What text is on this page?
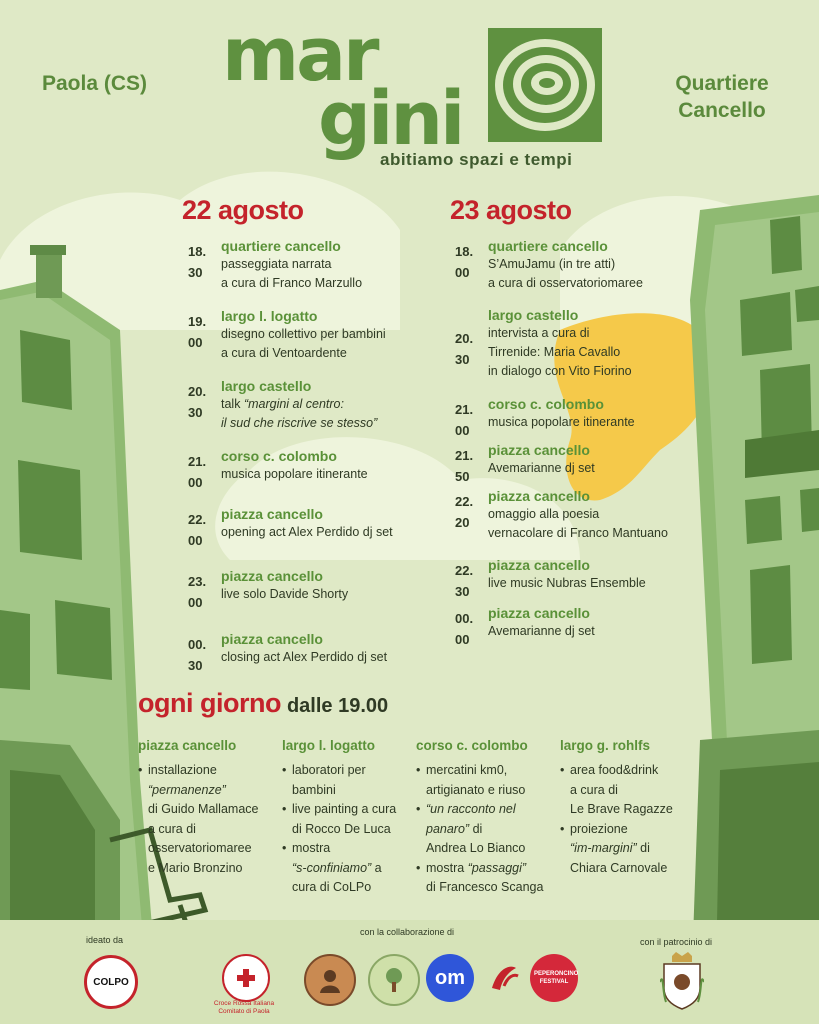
Paola (CS)	Quartiere
Cancello
mar
gini
abitiamo spazi e tempi
22 agosto
18.
30
quartiere cancello
passeggiata narrata
a cura di Franco Marzullo
19.
00
largo l. logatto
disegno collettivo per bambini
a cura di Ventoardente
20.
30
largo castello
talk “margini al centro:
il sud che riscrive se stesso”
21.
00
corso c. colombo
musica popolare itinerante
22.
00
piazza cancello
opening act Alex Perdido dj set
23.
00
piazza cancello
live solo Davide Shorty
00.
30
piazza cancello
closing act Alex Perdido dj set
23 agosto
18.
00
quartiere cancello
S’AmuJamu (in tre atti)
a cura di osservatoriomaree
20.
30
largo castello
intervista a cura di
Tirrenide: Maria Cavallo
in dialogo con Vito Fiorino
21.
00
corso c. colombo
musica popolare itinerante
21.
50
piazza cancello
Avemarianne dj set
22.
20
piazza cancello
omaggio alla poesia
vernacolare di Franco Mantuano
22.
30
piazza cancello
live music Nubras Ensemble
00.
00
piazza cancello
Avemarianne dj set
ogni giorno dalle 19.00
piazza cancello
• installazione
“permanenze”
di Guido Mallamace
a cura di
osservatoriomaree
e Mario Bronzino
largo l. logatto
• laboratori per
bambini
• live painting a cura
di Rocco De Luca
• mostra
“s-confiniamo” a
cura di CoLPo
corso c. colombo
• mercatini km0,
artigianato e riuso
• “un racconto nel
panaro” di
Andrea Lo Bianco
• mostra “passaggi”
di Francesco Scanga
largo g. rohlfs
• area food&drink
a cura di
Le Brave Ragazze
• proiezione
“im-margini” di
Chiara Carnovale
ideato da
con la collaborazione di
con il patrocinio di
COLPO
Croce Rossa Italiana
Comitato di Paola
om	PEPERONCINO FESTIVAL
